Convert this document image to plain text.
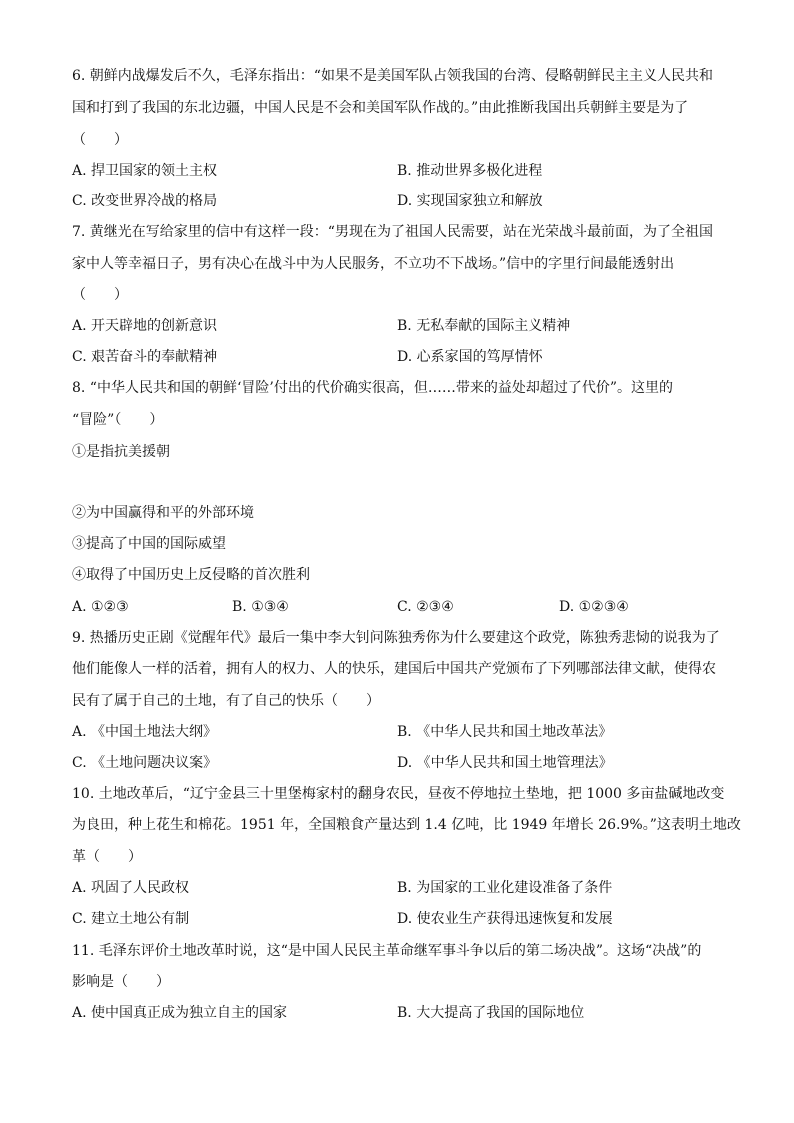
6. 朝鲜内战爆发后不久，毛泽东指出：“如果不是美国军队占领我国的台湾、侵略朝鲜民主主义人民共和
国和打到了我国的东北边疆，中国人民是不会和美国军队作战的。”由此推断我国出兵朝鲜主要是为了
（　　）
A. 捍卫国家的领土主权	B. 推动世界多极化进程
C. 改变世界冷战的格局	D. 实现国家独立和解放
7. 黄继光在写给家里的信中有这样一段：“男现在为了祖国人民需要，站在光荣战斗最前面，为了全祖国
家中人等幸福日子，男有决心在战斗中为人民服务，不立功不下战场。”信中的字里行间最能透射出
（　　）
A. 开天辟地的创新意识	B. 无私奉献的国际主义精神
C. 艰苦奋斗的奉献精神	D. 心系家国的笃厚情怀
8. “中华人民共和国的朝鲜‘冒险’付出的代价确实很高，但……带来的益处却超过了代价”。这里的
“冒险”（　　）
①是指抗美援朝
②为中国赢得和平的外部环境
③提高了中国的国际威望
④取得了中国历史上反侵略的首次胜利
A. ①②③	B. ①③④	C. ②③④	D. ①②③④
9. 热播历史正剧《觉醒年代》最后一集中李大钊问陈独秀你为什么要建这个政党，陈独秀悲恸的说我为了
他们能像人一样的活着，拥有人的权力、人的快乐，建国后中国共产党颁布了下列哪部法律文献，使得农
民有了属于自己的土地，有了自己的快乐（　　）
A. 《中国土地法大纲》	B. 《中华人民共和国土地改革法》
C. 《土地问题决议案》	D. 《中华人民共和国土地管理法》
10. 土地改革后，“辽宁金县三十里堡梅家村的翻身农民，昼夜不停地拉土垫地，把 1000 多亩盐碱地改变
为良田，种上花生和棉花。1951 年，全国粮食产量达到 1.4 亿吨，比 1949 年增长 26.9%。”这表明土地改
革（　　）
A. 巩固了人民政权	B. 为国家的工业化建设准备了条件
C. 建立土地公有制	D. 使农业生产获得迅速恢复和发展
11. 毛泽东评价土地改革时说，这“是中国人民民主革命继军事斗争以后的第二场决战”。这场“决战”的
影响是（　　）
A. 使中国真正成为独立自主的国家	B. 大大提高了我国的国际地位
